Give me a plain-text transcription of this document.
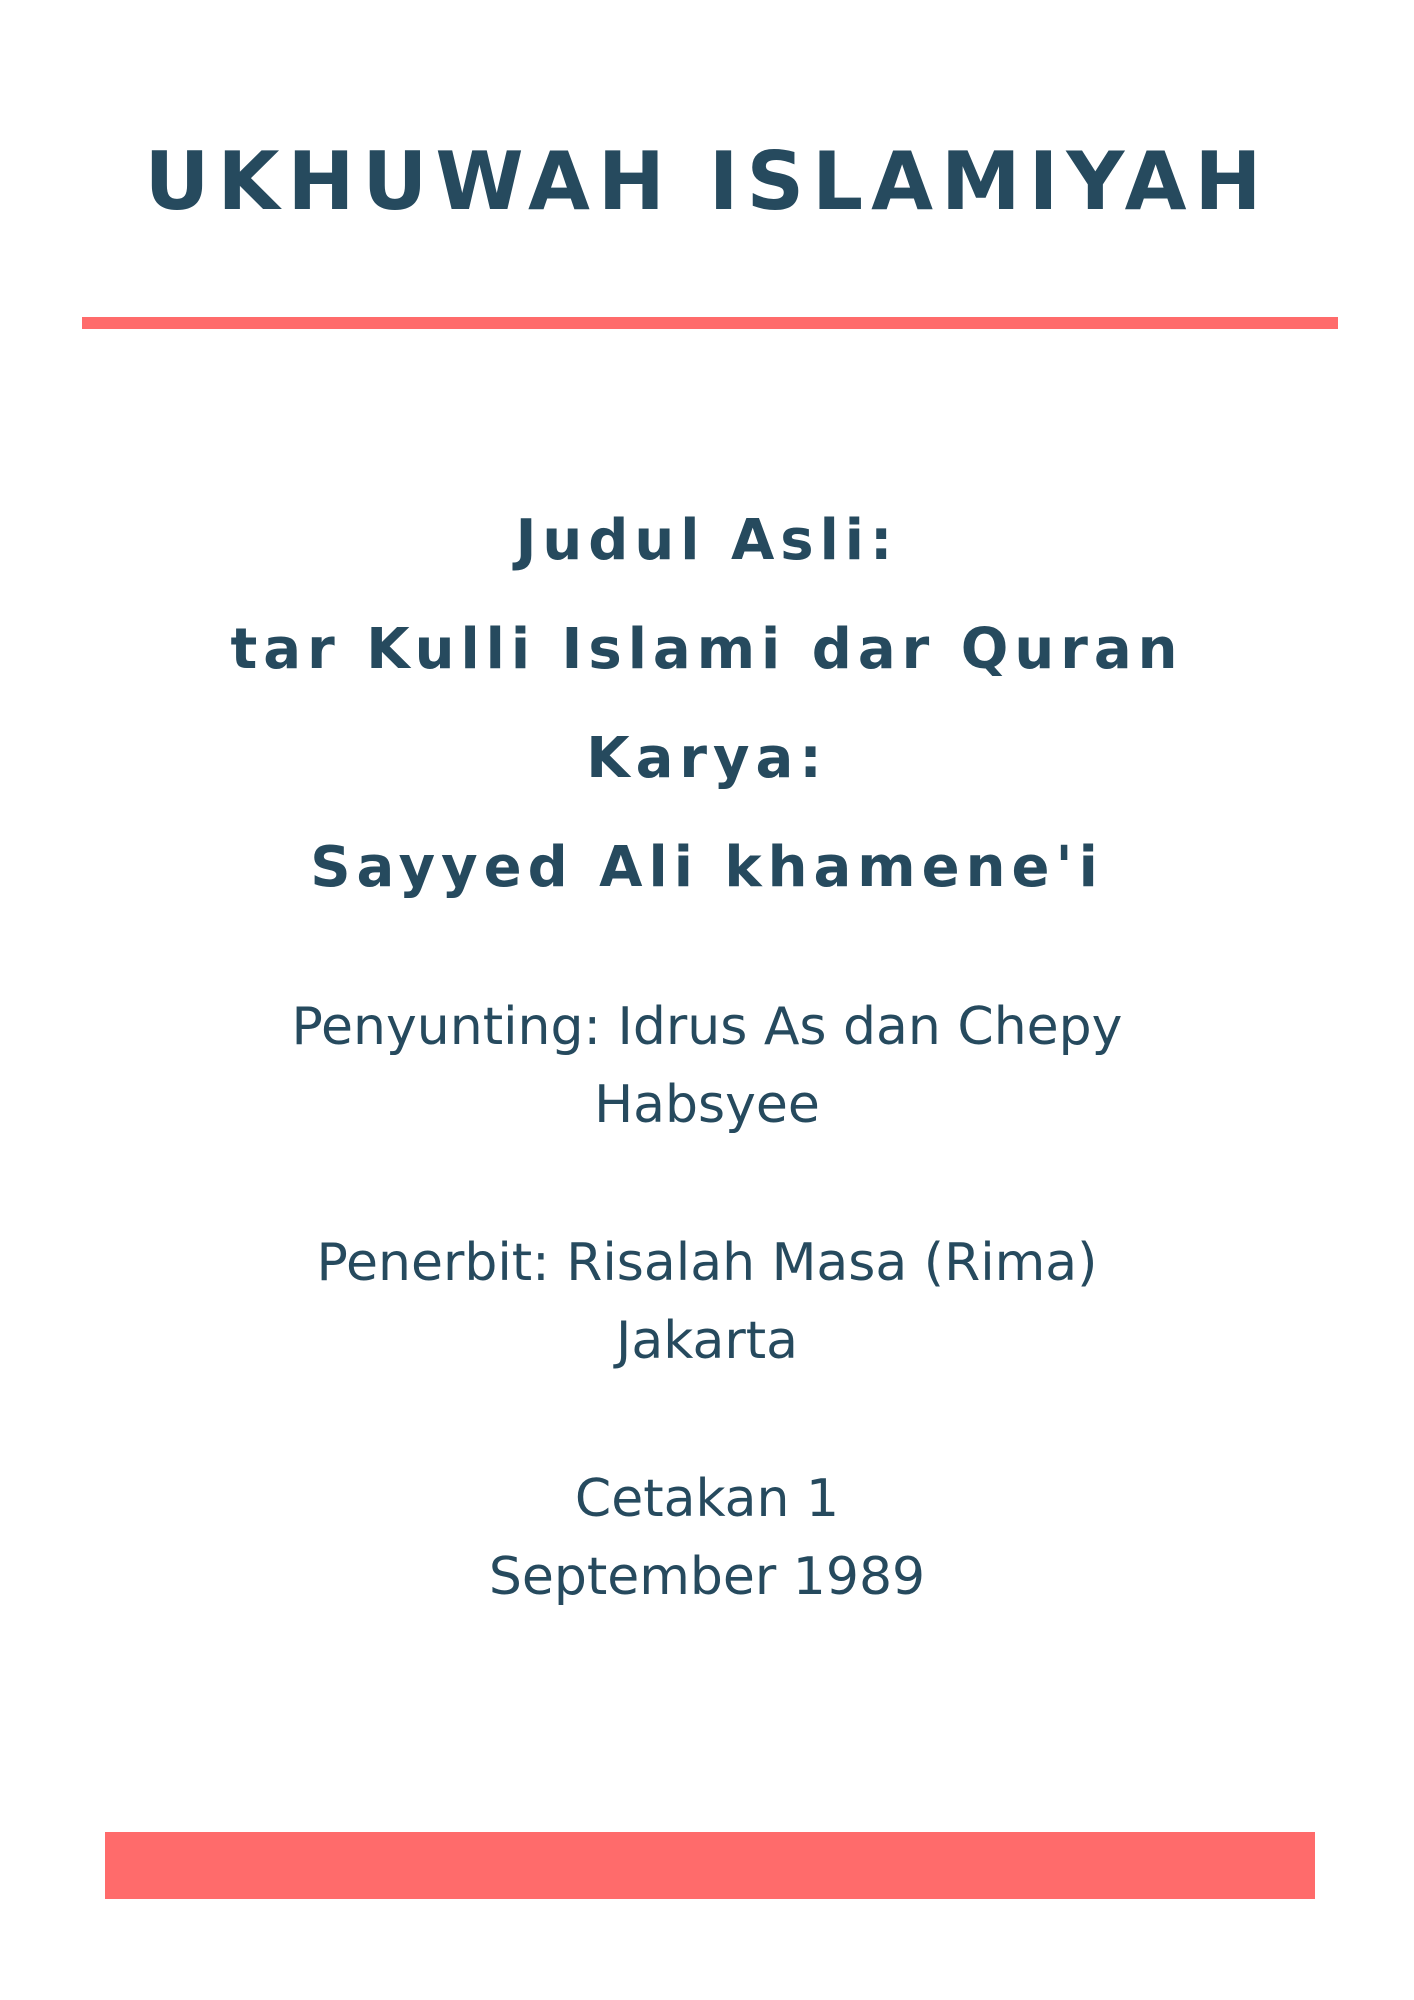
UKHUWAH ISLAMIYAH
Judul Asli:
tar Kulli Islami dar Quran
Karya:
Sayyed Ali khamene'i
Penyunting: Idrus As dan Chepy
Habsyee
Penerbit: Risalah Masa (Rima)
Jakarta
Cetakan 1
September 1989
